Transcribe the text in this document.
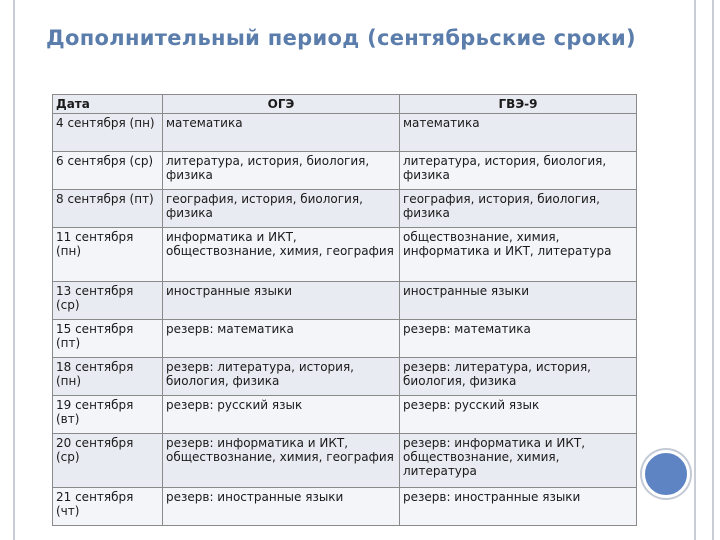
Дополнительный период (сентябрьские сроки)
Дата	ОГЭ	ГВЭ-9
4 сентября (пн)	математика	математика
6 сентября (ср)	литература, история, биология, физика	литература, история, биология, физика
8 сентября (пт)	география, история, биология, физика	география, история, биология, физика
11 сентября (пн)	информатика и ИКТ, обществознание, химия, география	обществознание, химия, информатика и ИКТ, литература
13 сентября (ср)	иностранные языки	иностранные языки
15 сентября (пт)	резерв: математика	резерв: математика
18 сентября (пн)	резерв: литература, история, биология, физика	резерв: литература, история, биология, физика
19 сентября (вт)	резерв: русский язык	резерв: русский язык
20 сентября (ср)	резерв: информатика и ИКТ, обществознание, химия, география	резерв: информатика и ИКТ, обществознание, химия, литература
21 сентября (чт)	резерв: иностранные языки	резерв: иностранные языки
